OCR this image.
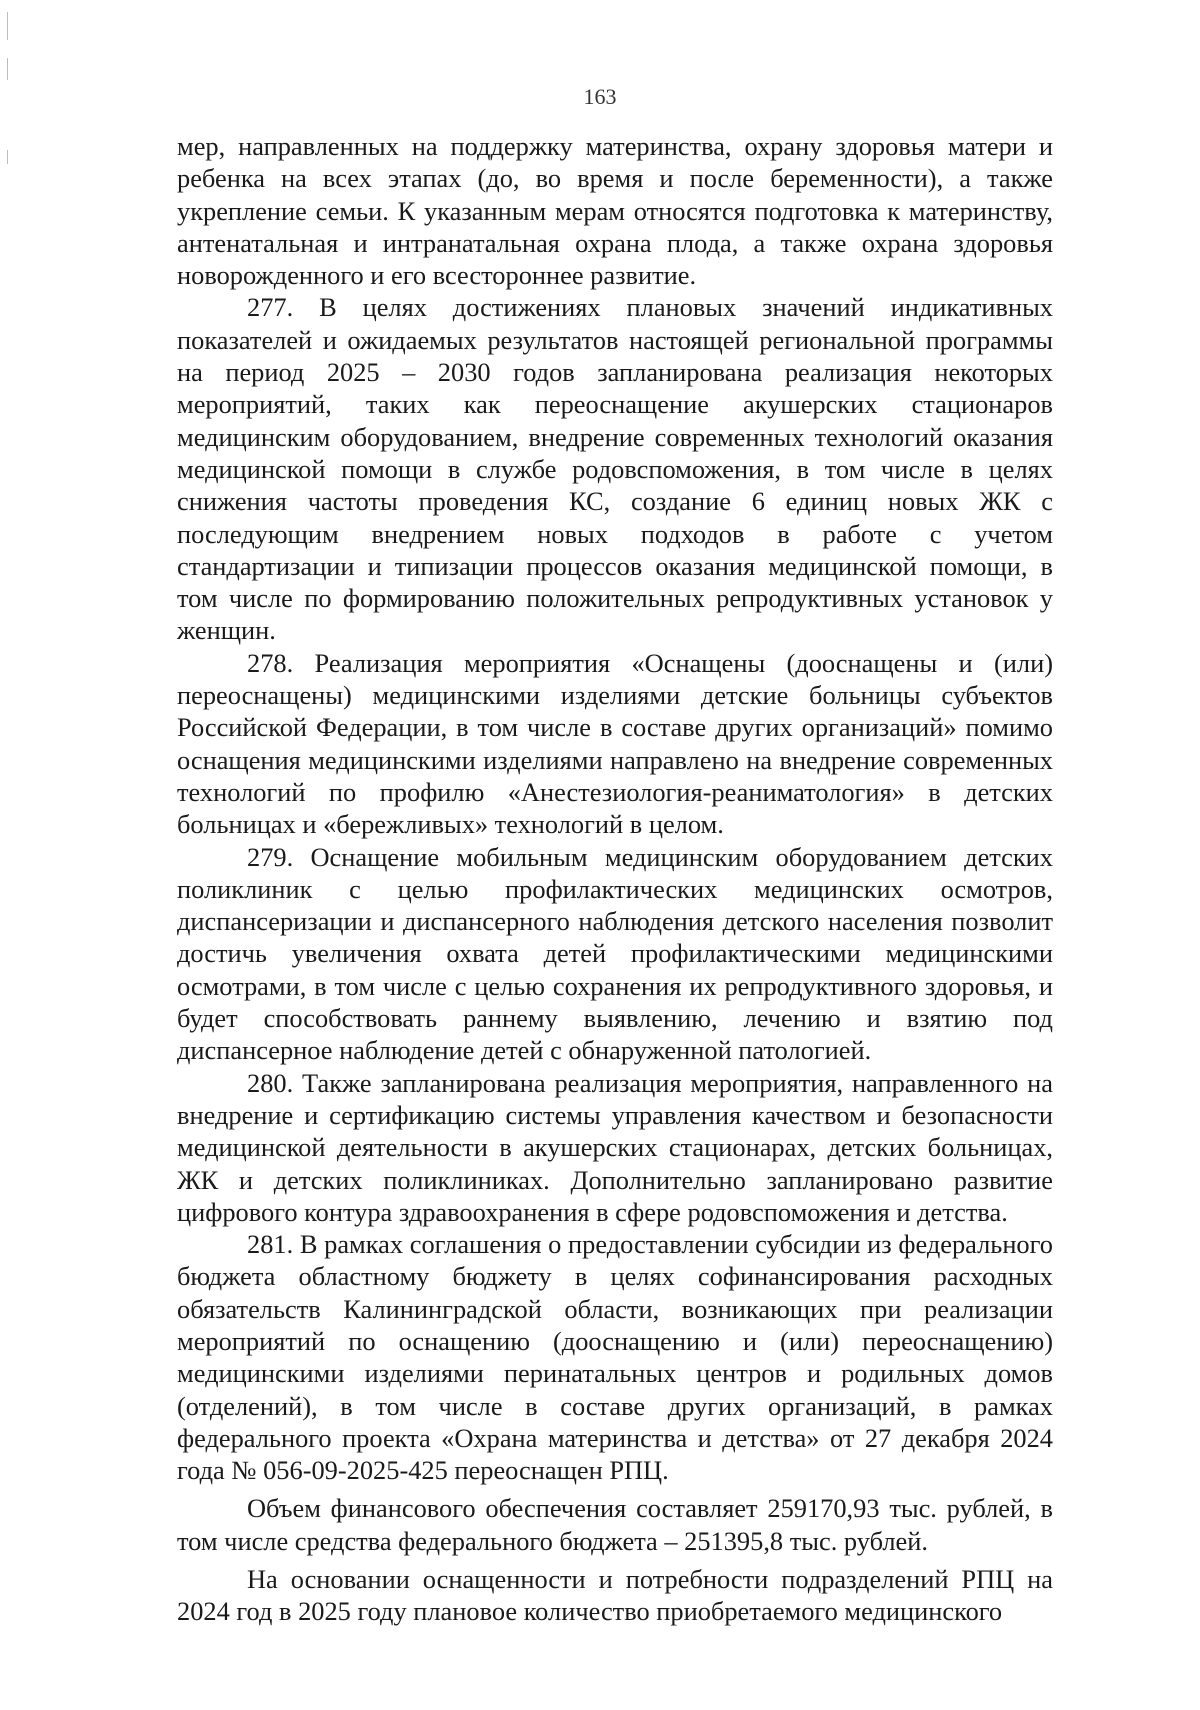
163

мер, направленных на поддержку материнства, охрану здоровья матери и ребенка на всех этапах (до, во время и после беременности), а также укрепление семьи. К указанным мерам относятся подготовка к материнству, антенатальная и интранатальная охрана плода, а также охрана здоровья новорожденного и его всестороннее развитие.

277. В целях достижениях плановых значений индикативных показателей и ожидаемых результатов настоящей региональной программы на период 2025 – 2030 годов запланирована реализация некоторых мероприятий, таких как переоснащение акушерских стационаров медицинским оборудованием, внедрение современных технологий оказания медицинской помощи в службе родовспоможения, в том числе в целях снижения частоты проведения КС, создание 6 единиц новых ЖК с последующим внедрением новых подходов в работе с учетом стандартизации и типизации процессов оказания медицинской помощи, в том числе по формированию положительных репродуктивных установок у женщин.

278. Реализация мероприятия «Оснащены (дооснащены и (или) переоснащены) медицинскими изделиями детские больницы субъектов Российской Федерации, в том числе в составе других организаций» помимо оснащения медицинскими изделиями направлено на внедрение современных технологий по профилю «Анестезиология-реаниматология» в детских больницах и «бережливых» технологий в целом.

279. Оснащение мобильным медицинским оборудованием детских поликлиник с целью профилактических медицинских осмотров, диспансеризации и диспансерного наблюдения детского населения позволит достичь увеличения охвата детей профилактическими медицинскими осмотрами, в том числе с целью сохранения их репродуктивного здоровья, и будет способствовать раннему выявлению, лечению и взятию под диспансерное наблюдение детей с обнаруженной патологией.

280. Также запланирована реализация мероприятия, направленного на внедрение и сертификацию системы управления качеством и безопасности медицинской деятельности в акушерских стационарах, детских больницах, ЖК и детских поликлиниках. Дополнительно запланировано развитие цифрового контура здравоохранения в сфере родовспоможения и детства.

281. В рамках соглашения о предоставлении субсидии из федерального бюджета областному бюджету в целях софинансирования расходных обязательств Калининградской области, возникающих при реализации мероприятий по оснащению (дооснащению и (или) переоснащению) медицинскими изделиями перинатальных центров и родильных домов (отделений), в том числе в составе других организаций, в рамках федерального проекта «Охрана материнства и детства» от 27 декабря 2024 года № 056-09-2025-425 переоснащен РПЦ.

Объем финансового обеспечения составляет 259170,93 тыс. рублей, в том числе средства федерального бюджета – 251395,8 тыс. рублей.

На основании оснащенности и потребности подразделений РПЦ на 2024 год в 2025 году плановое количество приобретаемого медицинского
